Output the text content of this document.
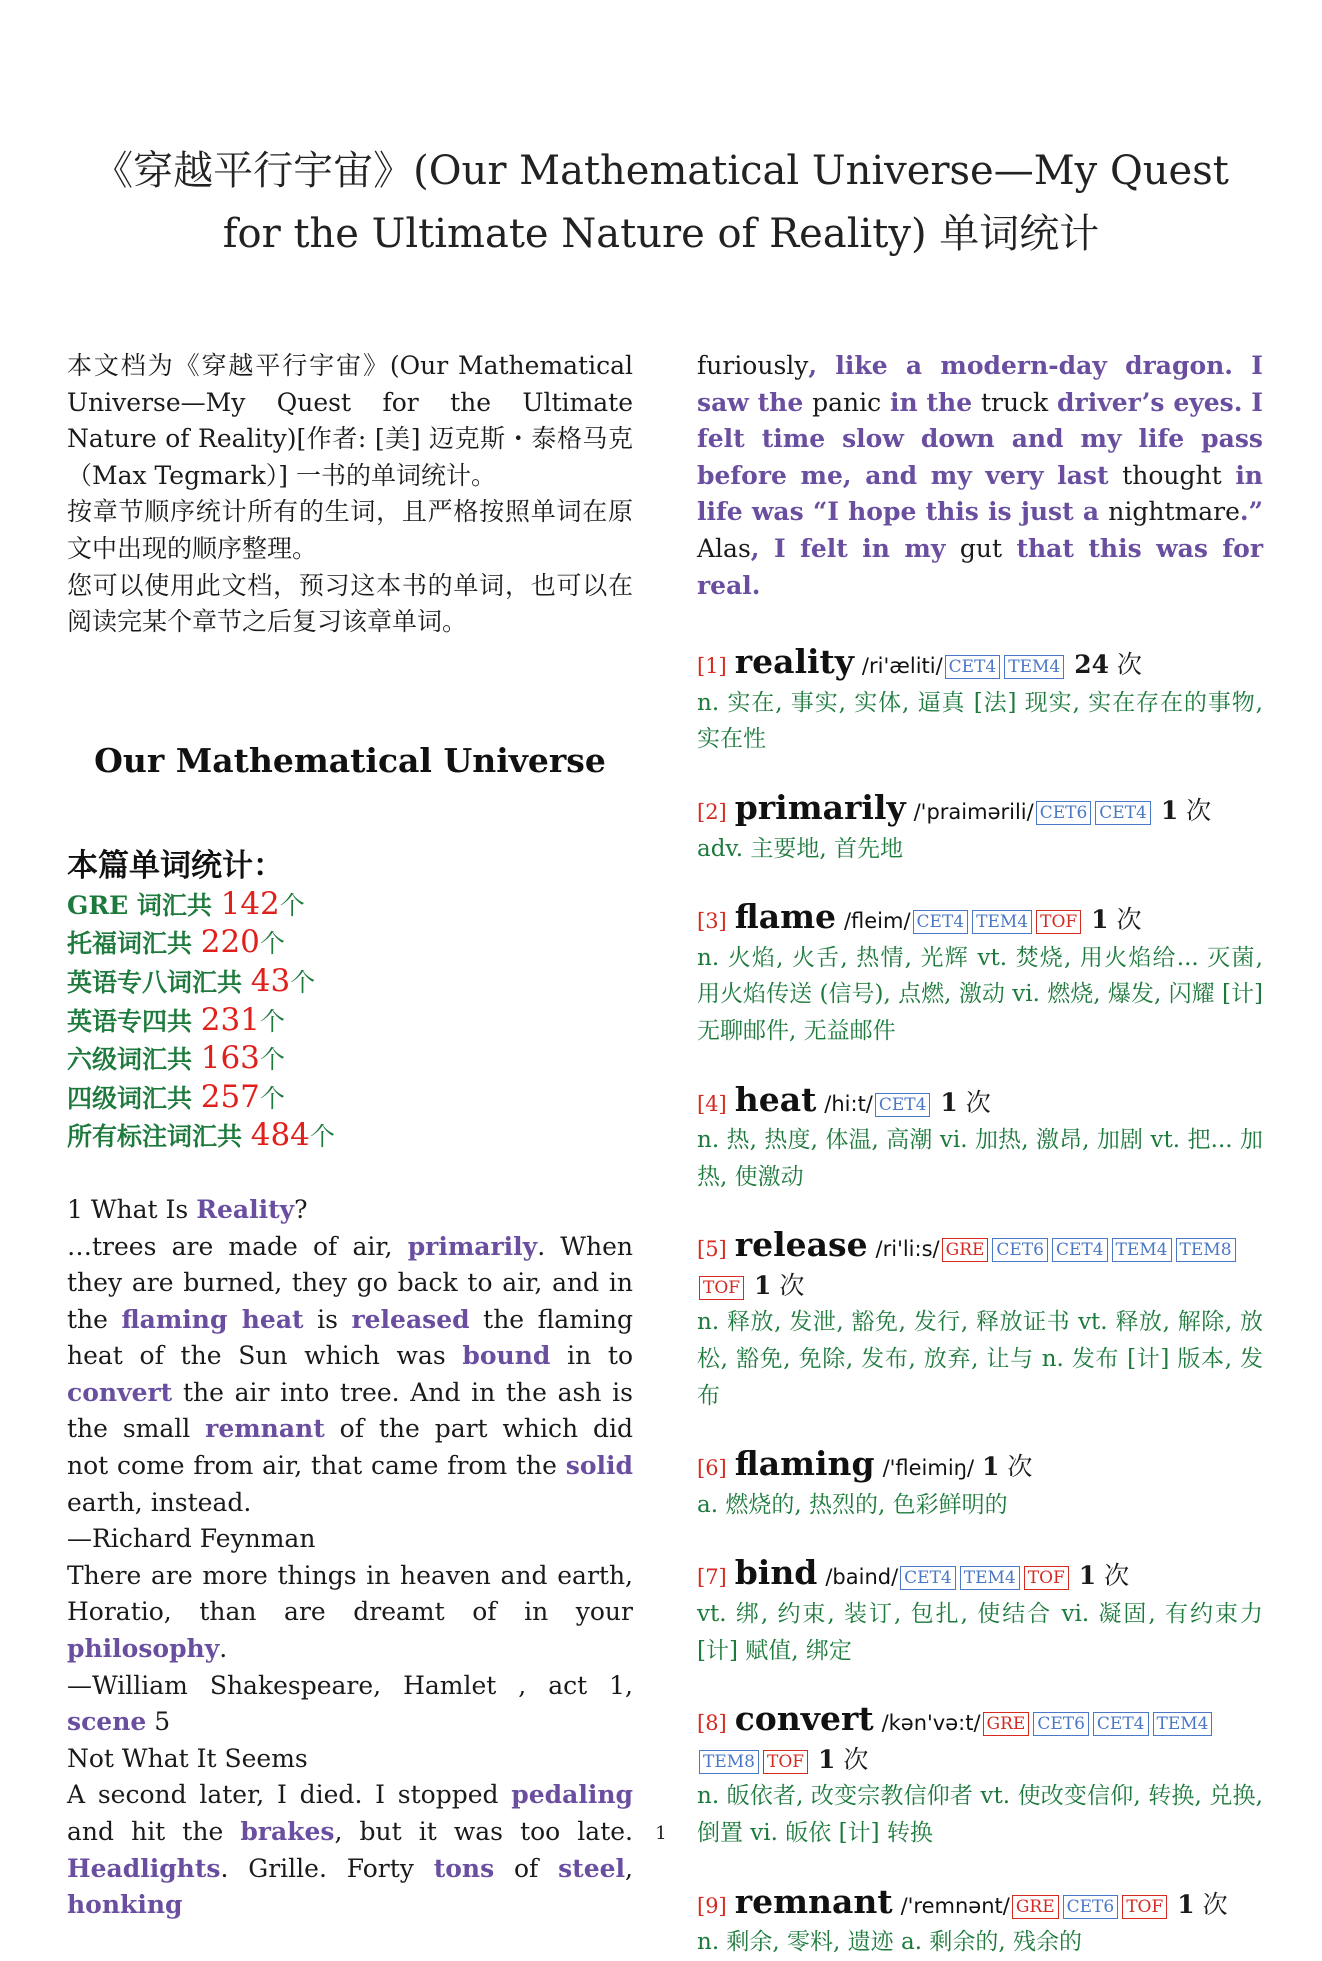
《穿越平行宇宙》(Our Mathematical Universe—My Quest for the Ultimate Nature of Reality) 单词统计

本文档为《穿越平行宇宙》(Our Mathematical Universe—My Quest for the Ultimate Nature of Reality)[作者: [美] 迈克斯・泰格马克（Max Tegmark）] 一书的单词统计。

按章节顺序统计所有的生词，且严格按照单词在原文中出现的顺序整理。

您可以使用此文档，预习这本书的单词，也可以在阅读完某个章节之后复习该章单词。

Our Mathematical Universe
本篇单词统计：
GRE 词汇共 142个
托福词汇共 220个
英语专八词汇共 43个
英语专四共 231个
六级词汇共 163个
四级词汇共 257个
所有标注词汇共 484个

1 What Is Reality?

…trees are made of air, primarily. When they are burned, they go back to air, and in the flaming heat is released the flaming heat of the Sun which was bound in to convert the air into tree. And in the ash is the small remnant of the part which did not come from air, that came from the solid earth, instead.

—Richard Feynman

There are more things in heaven and earth, Horatio, than are dreamt of in your philosophy.

—William Shakespeare, Hamlet , act 1, scene 5

Not What It Seems

A second later, I died. I stopped pedaling and hit the brakes, but it was too late. Headlights. Grille. Forty tons of steel, honking

furiously, like a modern-day dragon. I saw the panic in the truck driver’s eyes. I felt time slow down and my life pass before me, and my very last thought in life was “I hope this is just a nightmare.” Alas, I felt in my gut that this was for real.

[1] reality /ri'æliti/ CET4 TEM4 24 次
n. 实在, 事实, 实体, 逼真 [法] 现实, 实在存在的事物, 实在性
[2] primarily /'praimərili/ CET6 CET4 1 次
adv. 主要地, 首先地
[3] flame /fleim/ CET4 TEM4 TOF 1 次
n. 火焰, 火舌, 热情, 光辉 vt. 焚烧, 用火焰给... 灭菌, 用火焰传送 (信号), 点燃, 激动 vi. 燃烧, 爆发, 闪耀 [计] 无聊邮件, 无益邮件
[4] heat /hi:t/ CET4 1 次
n. 热, 热度, 体温, 高潮 vi. 加热, 激昂, 加剧 vt. 把... 加热, 使激动
[5] release /ri'li:s/ GRE CET6 CET4 TEM4 TEM8TOF 1 次
n. 释放, 发泄, 豁免, 发行, 释放证书 vt. 释放, 解除, 放松, 豁免, 免除, 发布, 放弃, 让与 n. 发布 [计] 版本, 发布
[6] flaming /'fleimiŋ/ 1 次
a. 燃烧的, 热烈的, 色彩鲜明的
[7] bind /baind/ CET4 TEM4 TOF 1 次
vt. 绑, 约束, 装订, 包扎, 使结合 vi. 凝固, 有约束力 [计] 赋值, 绑定
[8] convert /kən'və:t/ GRE CET6 CET4 TEM4TEM8 TOF 1 次
n. 皈依者, 改变宗教信仰者 vt. 使改变信仰, 转换, 兑换, 倒置 vi. 皈依 [计] 转换
[9] remnant /'remnənt/ GRE CET6 TOF 1 次
n. 剩余, 零料, 遗迹 a. 剩余的, 残余的
1
